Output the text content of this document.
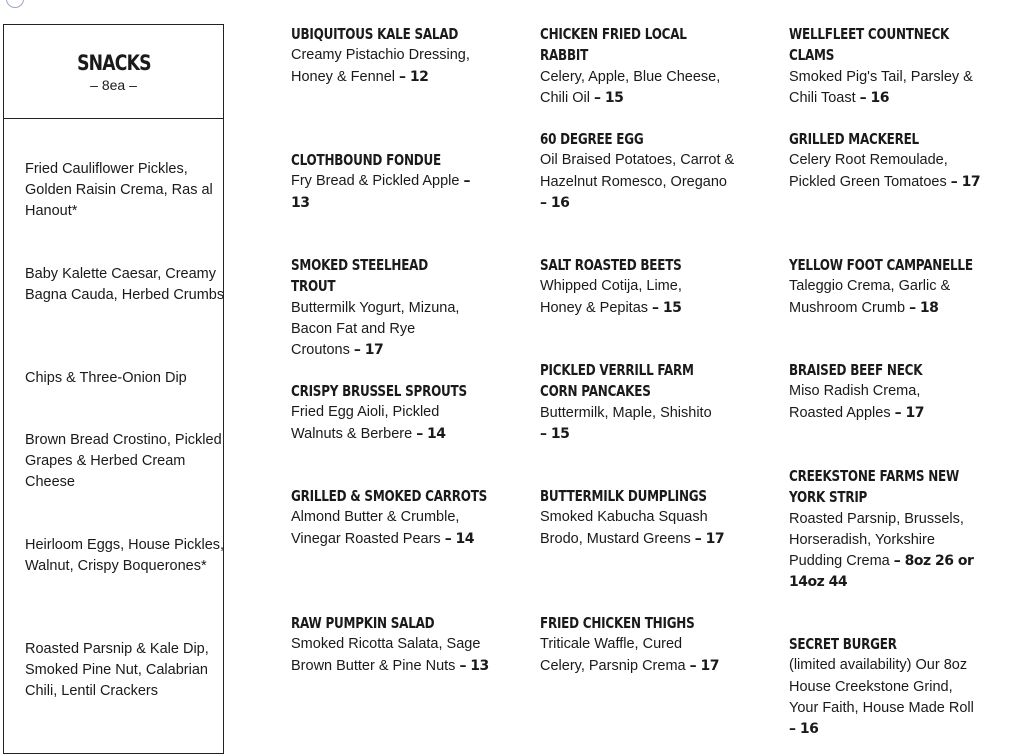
SNACKS
– 8ea –
Fried Cauliflower Pickles, Golden Raisin Crema, Ras al Hanout*
Baby Kalette Caesar, Creamy Bagna Cauda, Herbed Crumbs
Chips & Three-Onion Dip
Brown Bread Crostino, Pickled Grapes & Herbed Cream Cheese
Heirloom Eggs, House Pickles, Walnut, Crispy Boquerones*
Roasted Parsnip & Kale Dip, Smoked Pine Nut, Calabrian Chili, Lentil Crackers
UBIQUITOUS KALE SALAD
Creamy Pistachio Dressing, Honey & Fennel – 12
CLOTHBOUND FONDUE
Fry Bread & Pickled Apple – 13
SMOKED STEELHEAD TROUT
Buttermilk Yogurt, Mizuna, Bacon Fat and Rye Croutons – 17
CRISPY BRUSSEL SPROUTS
Fried Egg Aioli, Pickled Walnuts & Berbere – 14
GRILLED & SMOKED CARROTS
Almond Butter & Crumble, Vinegar Roasted Pears – 14
RAW PUMPKIN SALAD
Smoked Ricotta Salata, Sage Brown Butter & Pine Nuts – 13
CHICKEN FRIED LOCAL RABBIT
Celery, Apple, Blue Cheese, Chili Oil – 15
60 DEGREE EGG
Oil Braised Potatoes, Carrot & Hazelnut Romesco, Oregano – 16
SALT ROASTED BEETS
Whipped Cotija, Lime, Honey & Pepitas – 15
PICKLED VERRILL FARM CORN PANCAKES
Buttermilk, Maple, Shishito – 15
BUTTERMILK DUMPLINGS
Smoked Kabucha Squash Brodo, Mustard Greens – 17
FRIED CHICKEN THIGHS
Triticale Waffle, Cured Celery, Parsnip Crema – 17
WELLFLEET COUNTNECK CLAMS
Smoked Pig's Tail, Parsley & Chili Toast – 16
GRILLED MACKEREL
Celery Root Remoulade, Pickled Green Tomatoes – 17
YELLOW FOOT CAMPANELLE
Taleggio Crema, Garlic & Mushroom Crumb – 18
BRAISED BEEF NECK
Miso Radish Crema, Roasted Apples – 17
CREEKSTONE FARMS NEW YORK STRIP
Roasted Parsnip, Brussels, Horseradish, Yorkshire Pudding Crema – 8oz 26 or 14oz 44
SECRET BURGER
(limited availability) Our 8oz House Creekstone Grind, Your Faith, House Made Roll – 16
